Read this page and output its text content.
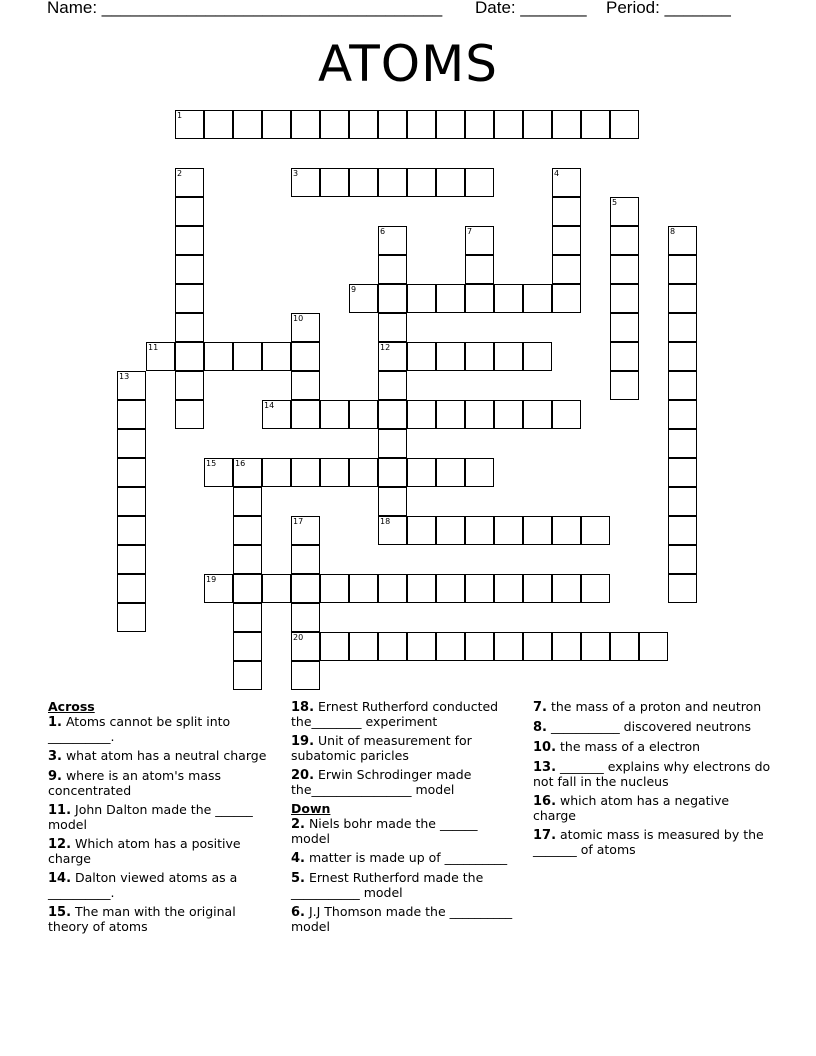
Name: ____________________________________ Date: _______ Period: _______
ATOMS
1
2	3	4
5
6
12
18
7	8
9
10
11
13
14
15 16
17
20
19
Across
1. Atoms cannot be split into __________.
3. what atom has a neutral charge
9. where is an atom's mass concentrated
11. John Dalton made the ______ model
12. Which atom has a positive charge
14. Dalton viewed atoms as a __________.
15. The man with the original theory of atoms
18. Ernest Rutherford conducted the________ experiment
19. Unit of measurement for subatomic paricles
20. Erwin Schrodinger made the________________ model
Down
2. Niels bohr made the ______ model
4. matter is made up of __________
5. Ernest Rutherford made the ___________ model
6. J.J Thomson made the __________ model
7. the mass of a proton and neutron
8. ___________ discovered neutrons
10. the mass of a electron
13. _______ explains why electrons do not fall in the nucleus
16. which atom has a negative charge
17. atomic mass is measured by the _______ of atoms
